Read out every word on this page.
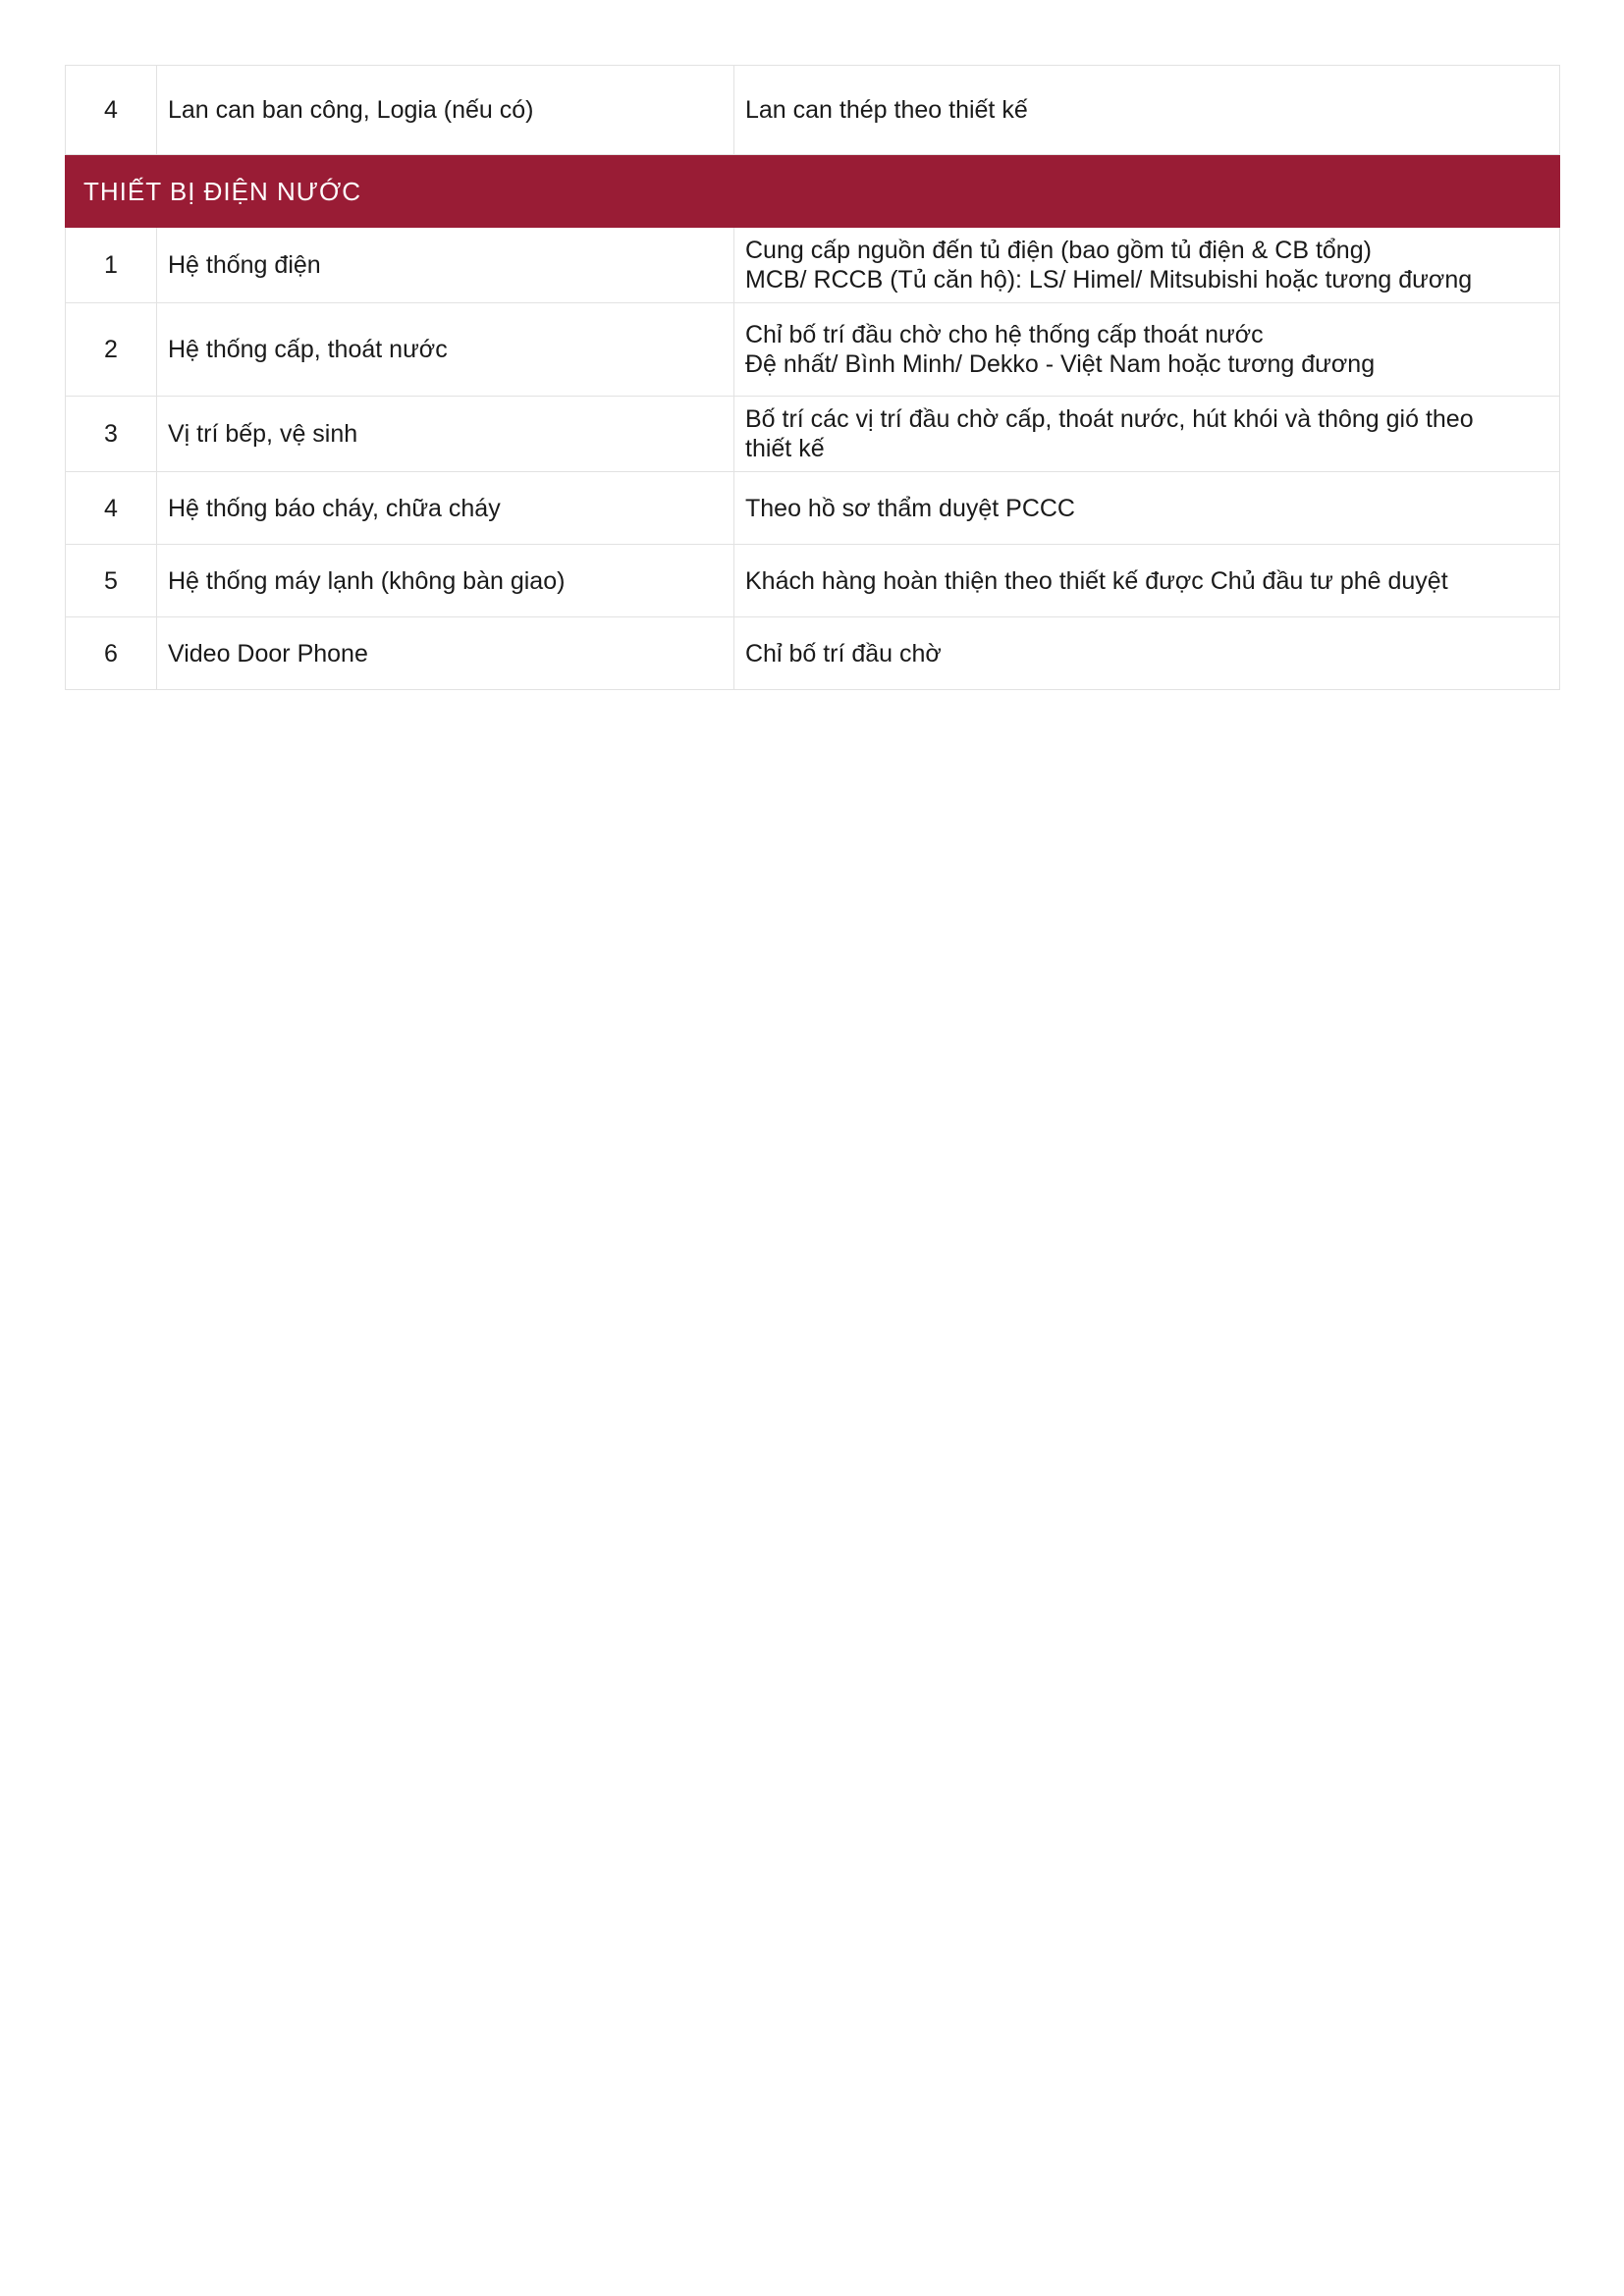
4	Lan can ban công, Logia (nếu có)	Lan can thép theo thiết kế

THIẾT BỊ ĐIỆN NƯỚC		
1	Hệ thống điện	Cung cấp nguồn đến tủ điện (bao gồm tủ điện & CB tổng)
MCB/ RCCB (Tủ căn hộ): LS/ Himel/ Mitsubishi hoặc tương đương

2	Hệ thống cấp, thoát nước	Chỉ bố trí đầu chờ cho hệ thống cấp thoát nước
Đệ nhất/ Bình Minh/ Dekko - Việt Nam hoặc tương đương

3	Vị trí bếp, vệ sinh	Bố trí các vị trí đầu chờ cấp, thoát nước, hút khói và thông gió theo
thiết kế

4	Hệ thống báo cháy, chữa cháy	Theo hồ sơ thẩm duyệt PCCC

5	Hệ thống máy lạnh (không bàn giao)	Khách hàng hoàn thiện theo thiết kế được Chủ đầu tư phê duyệt

6	Video Door Phone	Chỉ bố trí đầu chờ
